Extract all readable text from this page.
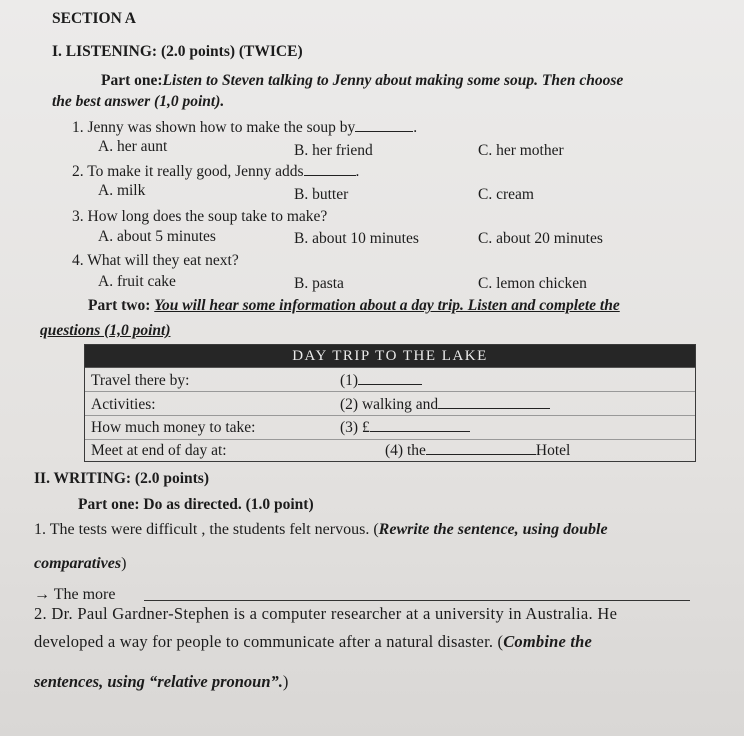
SECTION A
I. LISTENING: (2.0 points) (TWICE)
Part one:Listen to Steven talking to Jenny about making some soup. Then choose
the best answer (1,0 point).
1. Jenny was shown how to make the soup by	.
A. her aunt	B. her friend	C. her mother
2. To make it really good, Jenny adds	.
A. milk	B. butter	C. cream
3. How long does the soup take to make?
A. about 5 minutes	B. about 10 minutes	C. about 20 minutes
4. What will they eat next?
A. fruit cake	B. pasta	C. lemon chicken
Part two: You will hear some information about a day trip. Listen and complete the
questions (1,0 point)
DAY TRIP TO THE LAKE
Travel there by:	(1)
Activities:	(2) walking and
How much money to take:	(3) £
Meet at end of day at:	(4) the	Hotel
II. WRITING: (2.0 points)
Part one: Do as directed. (1.0 point)
1. The tests were difficult , the students felt nervous. (Rewrite the sentence, using double
comparatives)
→ The more
2. Dr. Paul Gardner-Stephen is a computer researcher at a university in Australia. He
developed a way for people to communicate after a natural disaster. (Combine the
sentences, using “relative pronoun”.)
